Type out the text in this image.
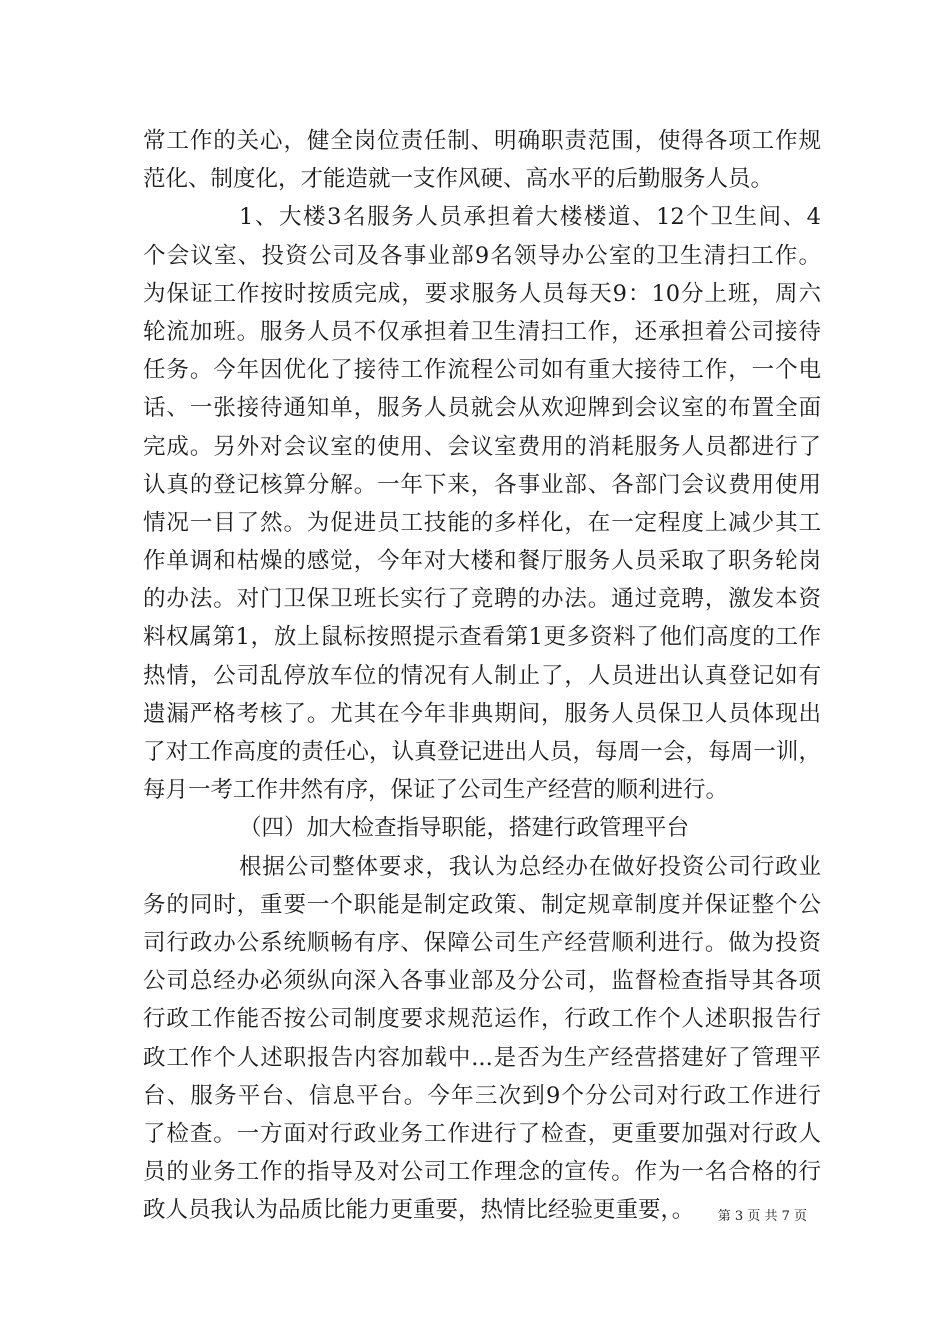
常工作的关心，健全岗位责任制、明确职责范围，使得各项工作规
范化、制度化，才能造就一支作风硬、高水平的后勤服务人员。
1、大楼3名服务人员承担着大楼楼道、12个卫生间、4
个会议室、投资公司及各事业部9名领导办公室的卫生清扫工作。
为保证工作按时按质完成，要求服务人员每天9：10分上班，周六
轮流加班。服务人员不仅承担着卫生清扫工作，还承担着公司接待
任务。今年因优化了接待工作流程公司如有重大接待工作，一个电
话、一张接待通知单，服务人员就会从欢迎牌到会议室的布置全面
完成。另外对会议室的使用、会议室费用的消耗服务人员都进行了
认真的登记核算分解。一年下来，各事业部、各部门会议费用使用
情况一目了然。为促进员工技能的多样化，在一定程度上减少其工
作单调和枯燥的感觉，今年对大楼和餐厅服务人员采取了职务轮岗
的办法。对门卫保卫班长实行了竞聘的办法。通过竞聘，激发本资
料权属第1，放上鼠标按照提示查看第1更多资料了他们高度的工作
热情，公司乱停放车位的情况有人制止了，人员进出认真登记如有
遗漏严格考核了。尤其在今年非典期间，服务人员保卫人员体现出
了对工作高度的责任心，认真登记进出人员，每周一会，每周一训，
每月一考工作井然有序，保证了公司生产经营的顺利进行。
（四）加大检查指导职能，搭建行政管理平台
根据公司整体要求，我认为总经办在做好投资公司行政业
务的同时，重要一个职能是制定政策、制定规章制度并保证整个公
司行政办公系统顺畅有序、保障公司生产经营顺利进行。做为投资
公司总经办必须纵向深入各事业部及分公司，监督检查指导其各项
行政工作能否按公司制度要求规范运作，行政工作个人述职报告行
政工作个人述职报告内容加载中...是否为生产经营搭建好了管理平
台、服务平台、信息平台。今年三次到9个分公司对行政工作进行
了检查。一方面对行政业务工作进行了检查，更重要加强对行政人
员的业务工作的指导及对公司工作理念的宣传。作为一名合格的行
政人员我认为品质比能力更重要，热情比经验更重要，。	第 3 页 共 7 页
